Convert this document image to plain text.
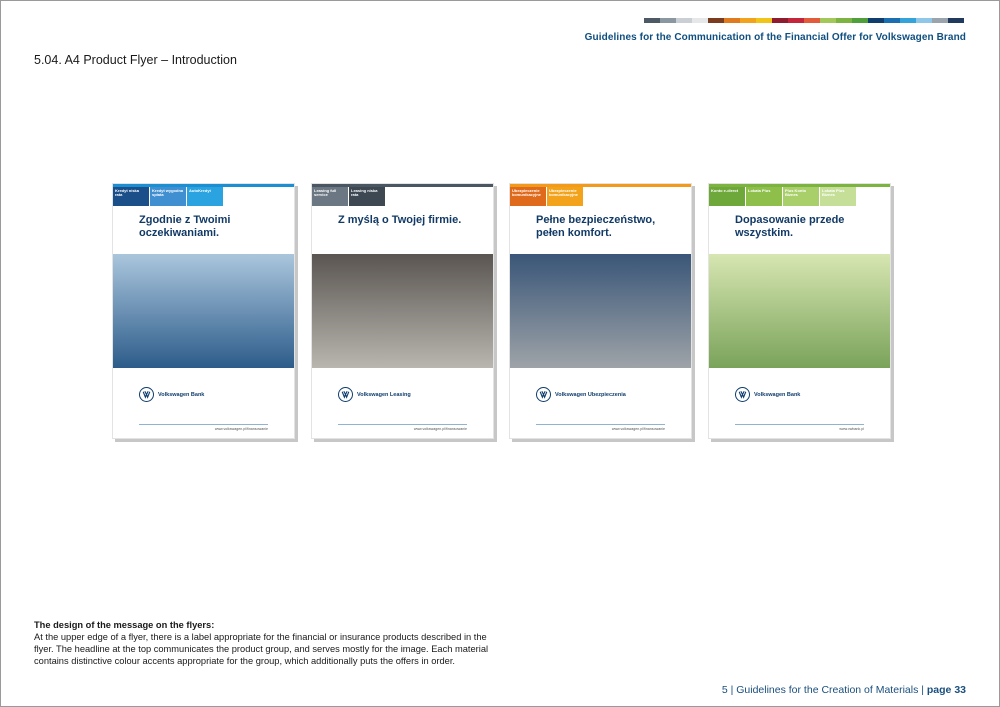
Guidelines for the Communication of the Financial Offer for Volkswagen Brand
5.04. A4 Product Flyer – Introduction
Kredyt niska rata
Kredyt wygodna spłata
AutoKredyt
Zgodnie z Twoimi oczekiwaniami.
Volkswagen Bank
www.volkswagen.pl/finansowanie
Leasing full service
Leasing niska rata
Z myślą o Twojej firmie.
Volkswagen Leasing
www.volkswagen.pl/finansowanie
Ubezpieczenie komunikacyjne
Ubezpieczenie komunikacyjne
Pełne bezpieczeństwo, pełen komfort.
Volkswagen Ubezpieczenia
www.volkswagen.pl/finansowanie
Konto e-direct	Lokata Plus	Plus Konto Biznes
Lokata Plus Biznes
Dopasowanie przede wszystkim.
Volkswagen Bank
www.vwbank.pl
The design of the message on the flyers:
At the upper edge of a flyer, there is a label appropriate for the financial or insurance products described in the flyer. The headline at the top communicates the product group, and serves mostly for the image. Each material contains distinctive colour accents appropriate for the group, which additionally puts the offers in order.
5 | Guidelines for the Creation of Materials | page 33
